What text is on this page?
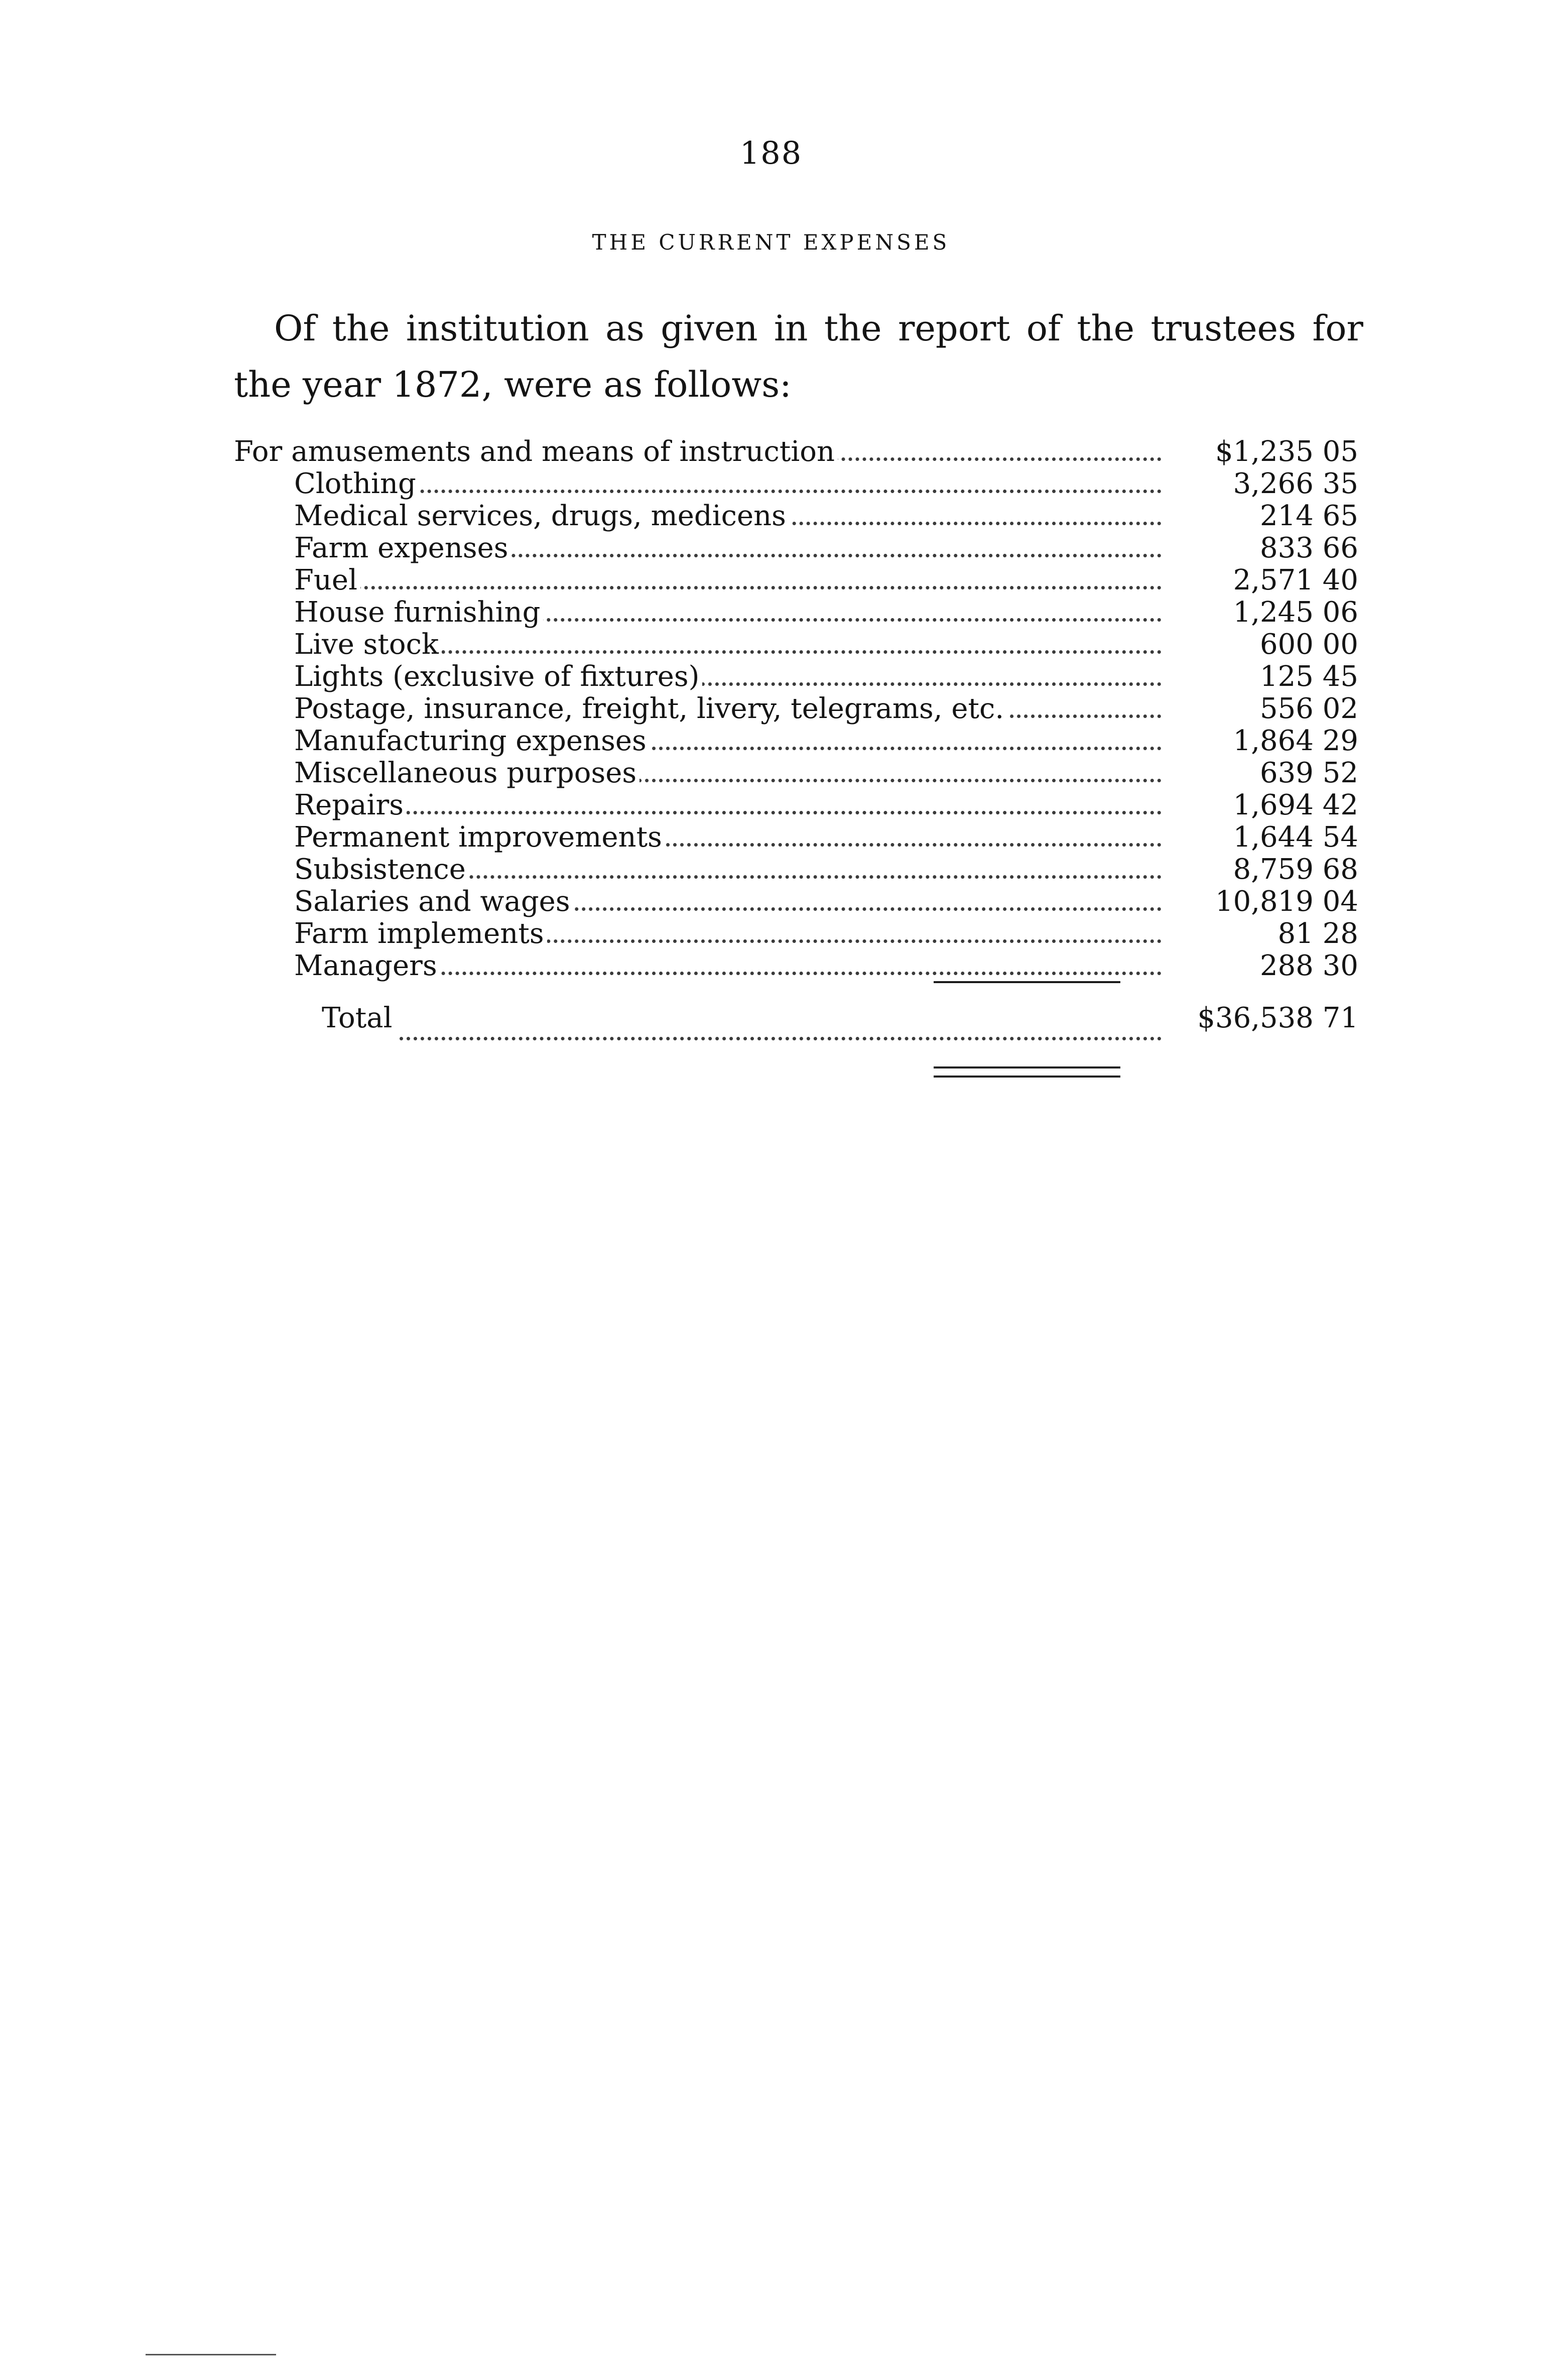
188
THE CURRENT EXPENSES

Of the institution as given in the report of the trustees for the year 1872, were as follows:

For amusements and means of instruction	$1,235 05
Clothing	3,266 35
Medical services, drugs, medicens	214 65
Farm expenses	833 66
Fuel	2,571 40
House furnishing	1,245 06
Live stock	600 00
Lights (exclusive of fixtures)	125 45
Postage, insurance, freight, livery, telegrams, etc.	556 02
Manufacturing expenses	1,864 29
Miscellaneous purposes	639 52
Repairs	1,694 42
Permanent improvements	1,644 54
Subsistence	8,759 68
Salaries and wages	10,819 04
Farm implements	81 28
Managers	288 30
Total	$36,538 71
